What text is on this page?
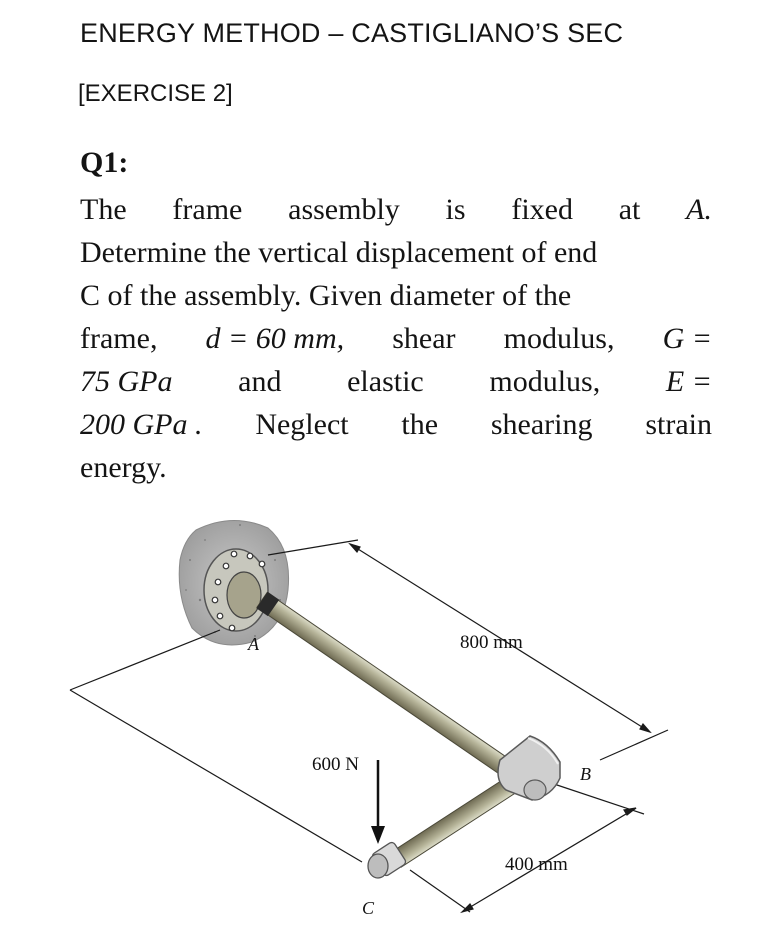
ENERGY METHOD – CASTIGLIANO’S SEC
[EXERCISE 2]
Q1:
The frame assembly is fixed at A.
Determine the vertical displacement of end
C of the assembly. Given diameter of the
frame, d = 60 mm, shear modulus, G =
75 GPa and elastic modulus, E =
200 GPa . Neglect the shearing strain
energy.
A
B
C
800 mm
400 mm
600 N
